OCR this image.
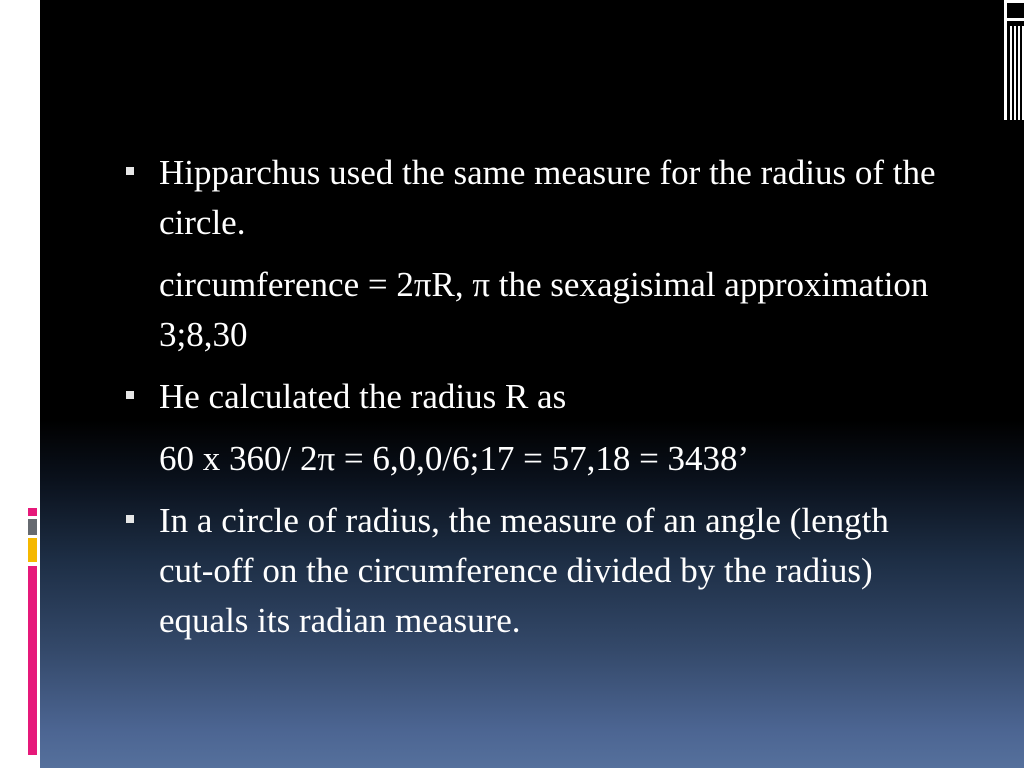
Hipparchus used the same measure for the radius of the circle.
circumference = 2πR, π the sexagisimal approximation 3;8,30
He calculated the radius R as
60 x 360/ 2π = 6,0,0/6;17 = 57,18 = 3438’
In a circle of radius, the measure of an angle (length cut-off on the circumference divided by the radius) equals its radian measure.
